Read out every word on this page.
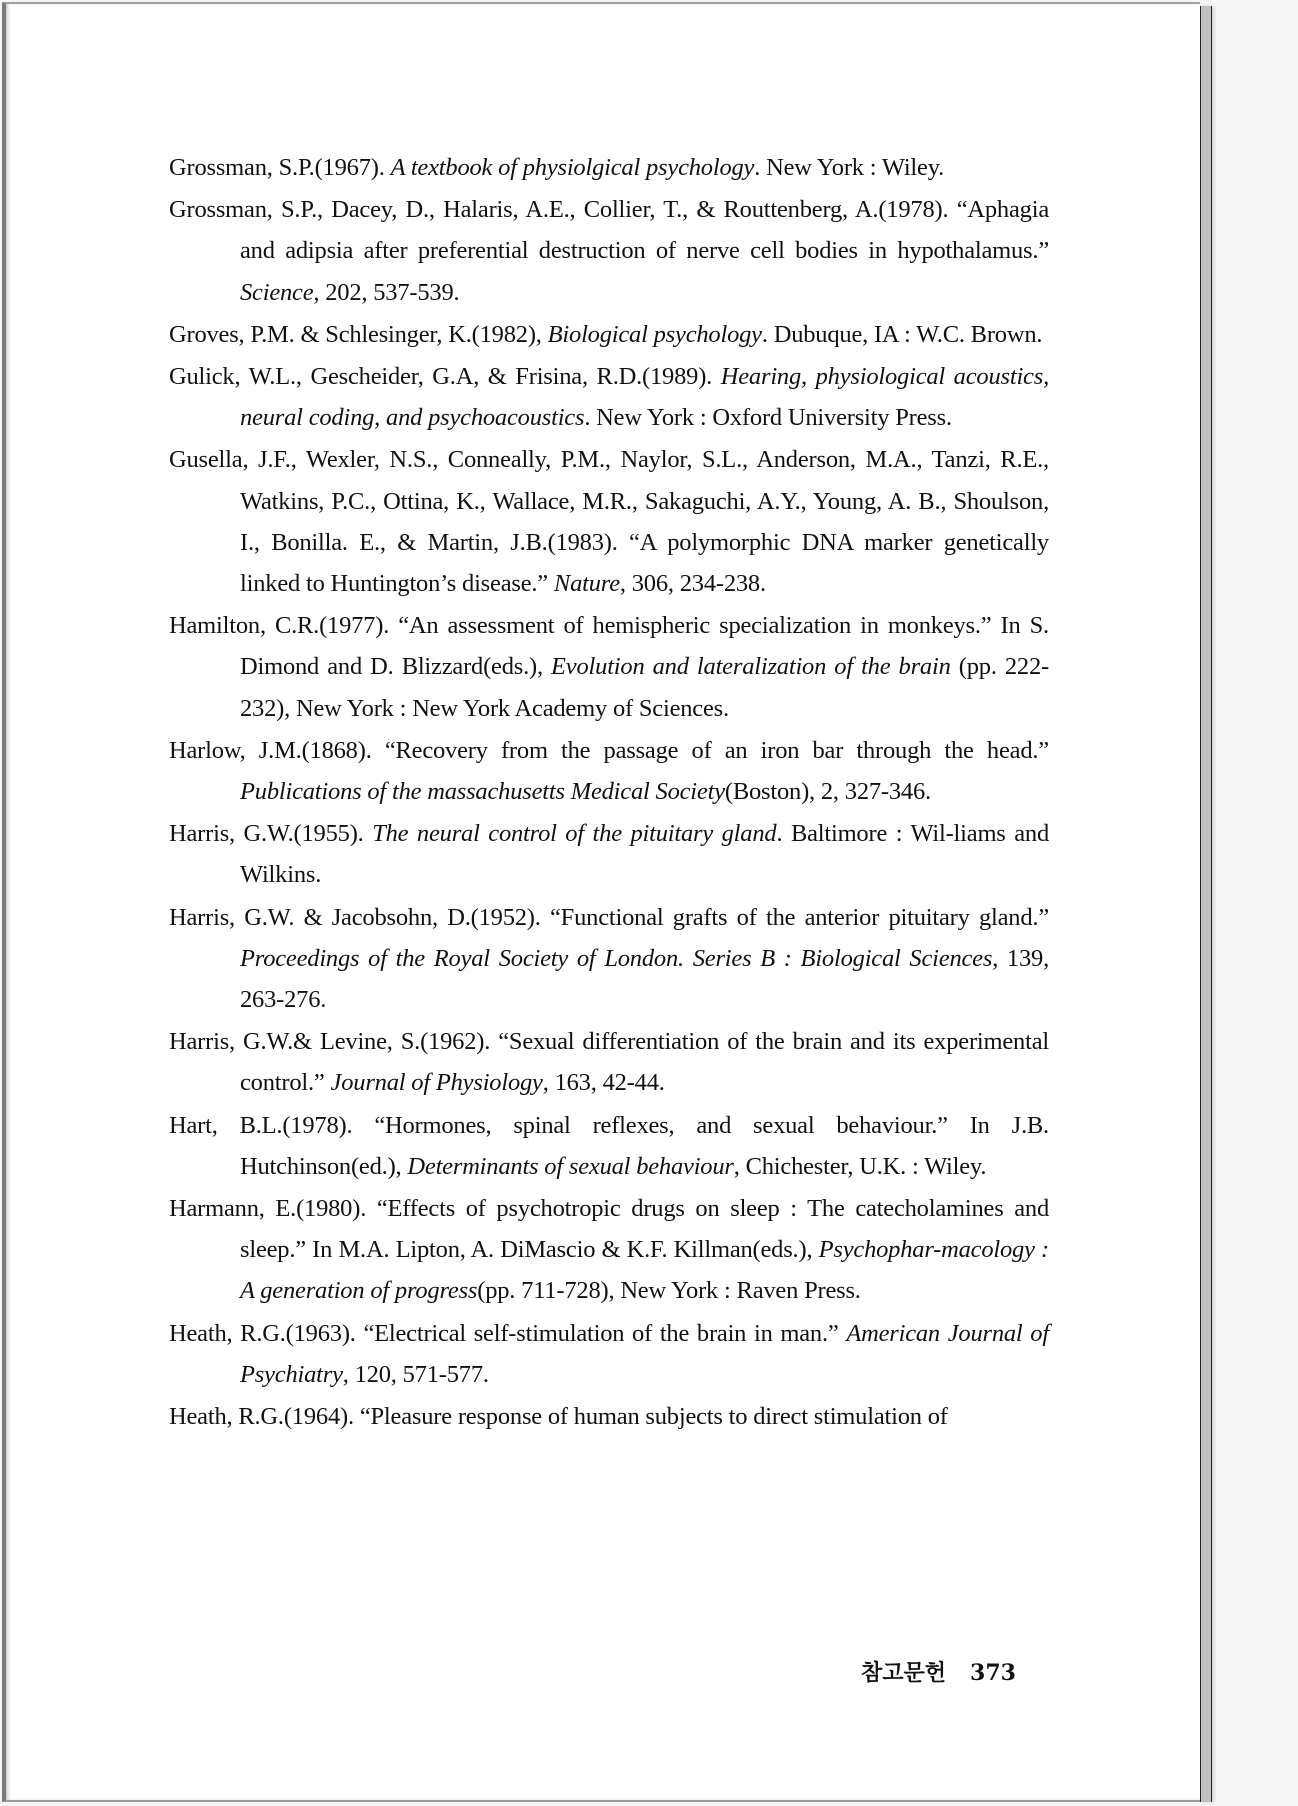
Grossman, S.P.(1967). A textbook of physiolgical psychology. New York : Wiley.

Grossman, S.P., Dacey, D., Halaris, A.E., Collier, T., & Routtenberg, A.(1978). “Aphagia and adipsia after preferential destruction of nerve cell bodies in hypothalamus.” Science, 202, 537-539.

Groves, P.M. & Schlesinger, K.(1982), Biological psychology. Dubuque, IA : W.C. Brown.

Gulick, W.L., Gescheider, G.A, & Frisina, R.D.(1989). Hearing, physiological acoustics, neural coding, and psychoacoustics. New York : Oxford University Press.

Gusella, J.F., Wexler, N.S., Conneally, P.M., Naylor, S.L., Anderson, M.A., Tanzi, R.E., Watkins, P.C., Ottina, K., Wallace, M.R., Sakaguchi, A.Y., Young, A. B., Shoulson, I., Bonilla. E., & Martin, J.B.(1983). “A polymorphic DNA marker genetically linked to Huntington’s disease.” Nature, 306, 234-238.

Hamilton, C.R.(1977). “An assessment of hemispheric specialization in monkeys.” In S. Dimond and D. Blizzard(eds.), Evolution and lateralization of the brain (pp. 222-232), New York : New York Academy of Sciences.

Harlow, J.M.(1868). “Recovery from the passage of an iron bar through the head.” Publications of the massachusetts Medical Society(Boston), 2, 327-346.

Harris, G.W.(1955). The neural control of the pituitary gland. Baltimore : Wil-liams and Wilkins.

Harris, G.W. & Jacobsohn, D.(1952). “Functional grafts of the anterior pituitary gland.” Proceedings of the Royal Society of London. Series B : Biological Sciences, 139, 263-276.

Harris, G.W.& Levine, S.(1962). “Sexual differentiation of the brain and its experimental control.” Journal of Physiology, 163, 42-44.

Hart, B.L.(1978). “Hormones, spinal reflexes, and sexual behaviour.” In J.B. Hutchinson(ed.), Determinants of sexual behaviour, Chichester, U.K. : Wiley.

Harmann, E.(1980). “Effects of psychotropic drugs on sleep : The catecholamines and sleep.” In M.A. Lipton, A. DiMascio & K.F. Killman(eds.), Psychophar-macology : A generation of progress(pp. 711-728), New York : Raven Press.

Heath, R.G.(1963). “Electrical self-stimulation of the brain in man.” American Journal of Psychiatry, 120, 571-577.

Heath, R.G.(1964). “Pleasure response of human subjects to direct stimulation of

참고문헌 373
